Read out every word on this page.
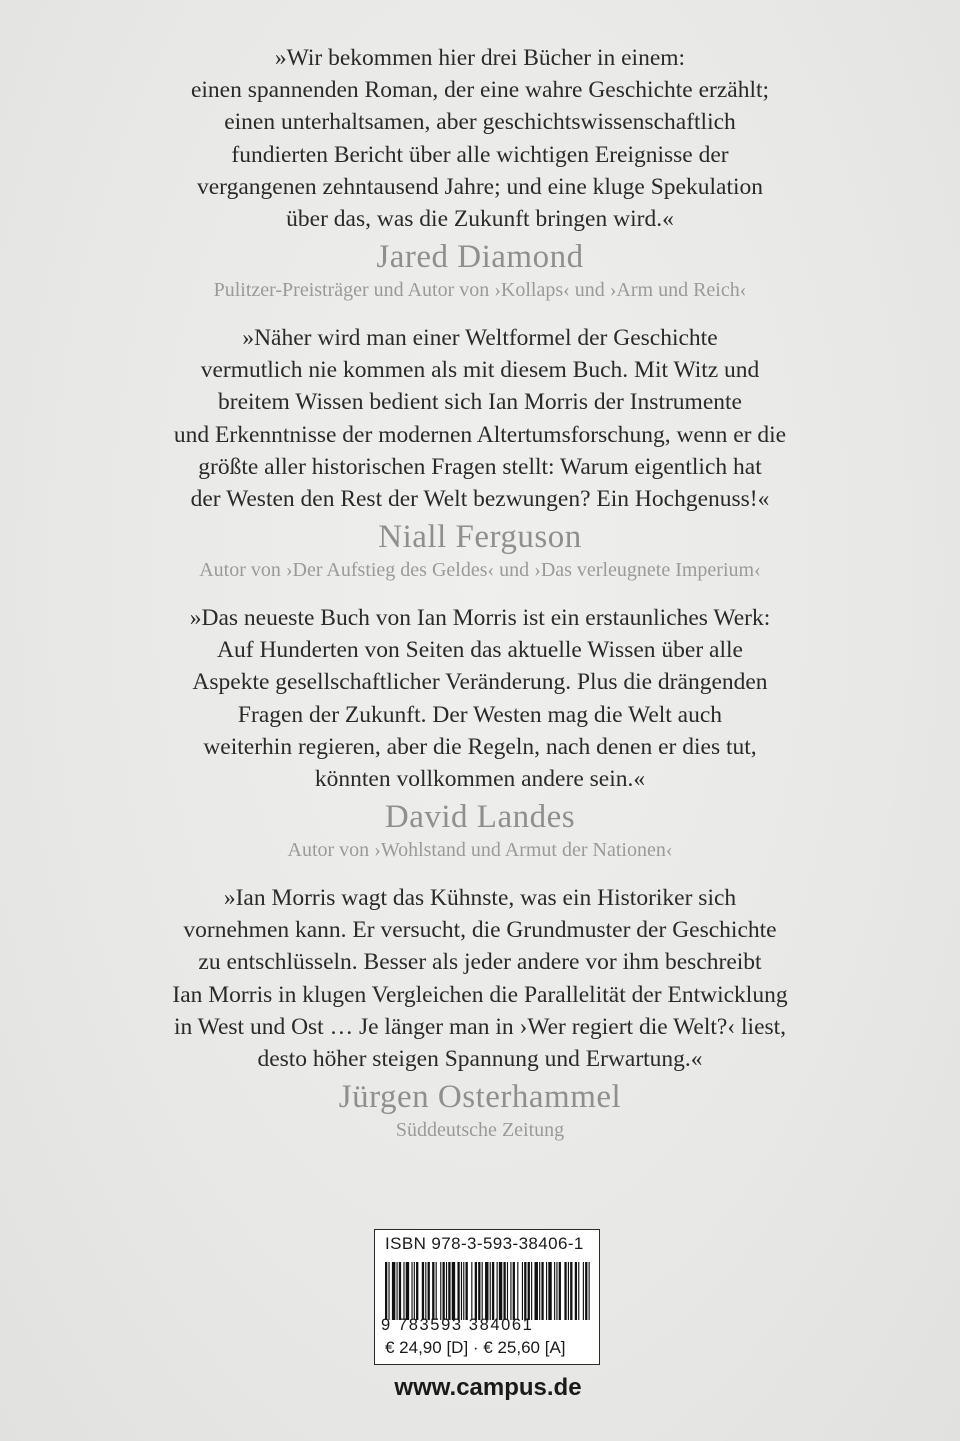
»Wir bekommen hier drei Bücher in einem:
einen spannenden Roman, der eine wahre Geschichte erzählt;
einen unterhaltsamen, aber geschichtswissenschaftlich
fundierten Bericht über alle wichtigen Ereignisse der
vergangenen zehntausend Jahre; und eine kluge Spekulation
über das, was die Zukunft bringen wird.«

Jared Diamond

Pulitzer-Preisträger und Autor von ›Kollaps‹ und ›Arm und Reich‹

»Näher wird man einer Weltformel der Geschichte
vermutlich nie kommen als mit diesem Buch. Mit Witz und
breitem Wissen bedient sich Ian Morris der Instrumente
und Erkenntnisse der modernen Altertumsforschung, wenn er die
größte aller historischen Fragen stellt: Warum eigentlich hat
der Westen den Rest der Welt bezwungen? Ein Hochgenuss!«

Niall Ferguson

Autor von ›Der Aufstieg des Geldes‹ und ›Das verleugnete Imperium‹

»Das neueste Buch von Ian Morris ist ein erstaunliches Werk:
Auf Hunderten von Seiten das aktuelle Wissen über alle
Aspekte gesellschaftlicher Veränderung. Plus die drängenden
Fragen der Zukunft. Der Westen mag die Welt auch
weiterhin regieren, aber die Regeln, nach denen er dies tut,
könnten vollkommen andere sein.«

David Landes

Autor von ›Wohlstand und Armut der Nationen‹

»Ian Morris wagt das Kühnste, was ein Historiker sich
vornehmen kann. Er versucht, die Grundmuster der Geschichte
zu entschlüsseln. Besser als jeder andere vor ihm beschreibt
Ian Morris in klugen Vergleichen die Parallelität der Entwicklung
in West und Ost … Je länger man in ›Wer regiert die Welt?‹ liest,
desto höher steigen Spannung und Erwartung.«

Jürgen Osterhammel

Süddeutsche Zeitung

ISBN 978-3-593-38406-1
9 783593 384061
€ 24,90 [D] · € 25,60 [A]
www.campus.de
